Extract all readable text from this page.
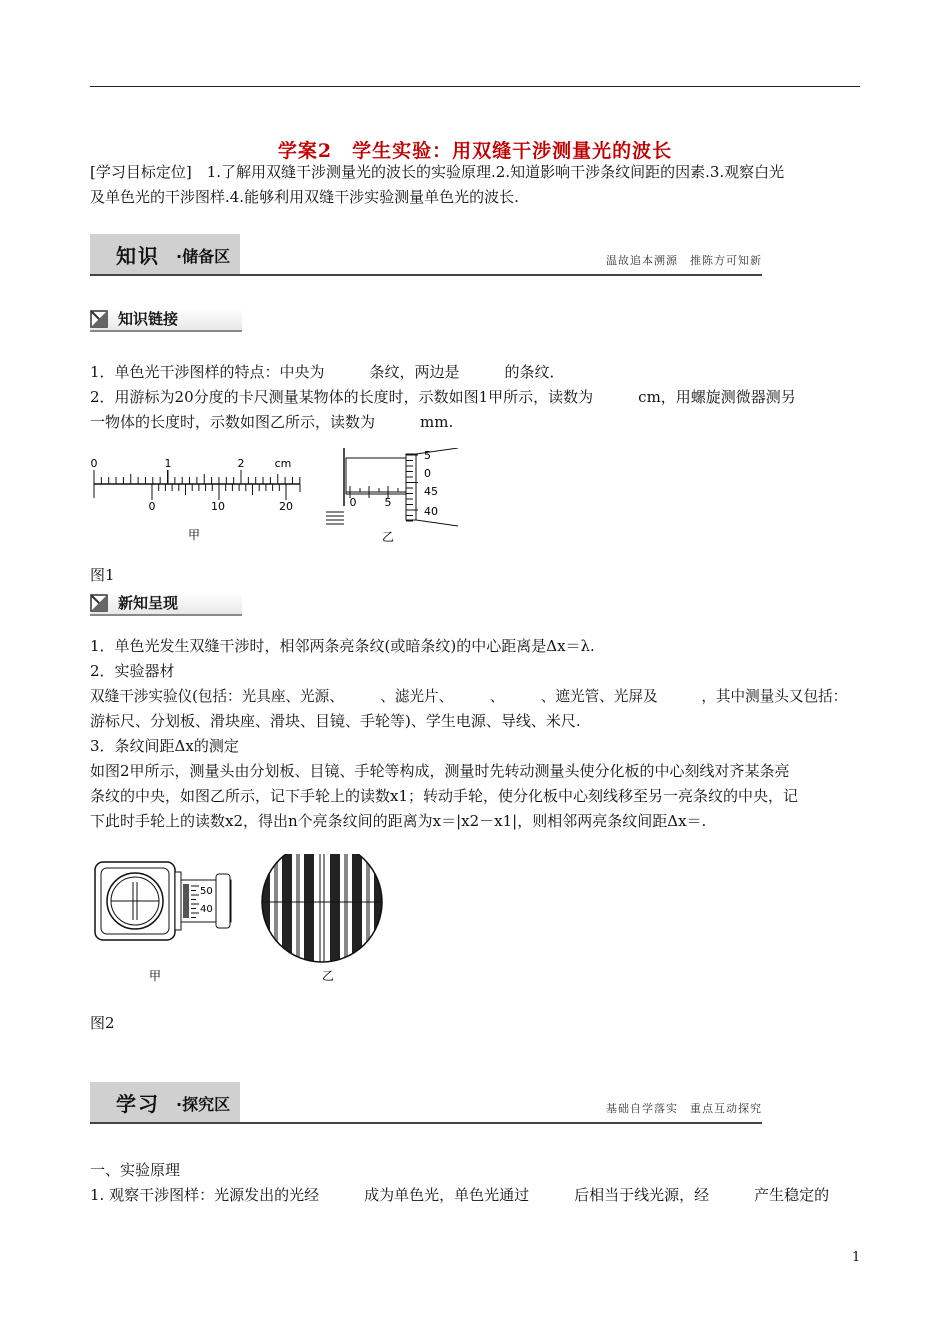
学案2　学生实验：用双缝干涉测量光的波长
[学习目标定位]　1.了解用双缝干涉测量光的波长的实验原理.2.知道影响干涉条纹间距的因素.3.观察白光
及单色光的干涉图样.4.能够利用双缝干涉实验测量单色光的波长.
知识 ·储备区	温故追本溯源　推陈方可知新
知识链接
1．单色光干涉图样的特点：中央为　　　条纹，两边是　　　的条纹．
2．用游标为20分度的卡尺测量某物体的长度时，示数如图1甲所示，读数为　　　cm，用螺旋测微器测另
一物体的长度时，示数如图乙所示，读数为　　　mm.
0	1	2	cm
0	10	20
甲
0	5
5
0
45
40
乙
图1
新知呈现
1．单色光发生双缝干涉时，相邻两条亮条纹(或暗条纹)的中心距离是Δx＝λ.
2．实验器材
双缝干涉实验仪(包括：光具座、光源、　　　、滤光片、　　　、　　　、遮光管、光屏及　　　，其中测量头又包括：
游标尺、分划板、滑块座、滑块、目镜、手轮等)、学生电源、导线、米尺.
3．条纹间距Δx的测定
如图2甲所示，测量头由分划板、目镜、手轮等构成，测量时先转动测量头使分化板的中心刻线对齐某条亮
条纹的中央，如图乙所示，记下手轮上的读数x1；转动手轮，使分化板中心刻线移至另一亮条纹的中央，记
下此时手轮上的读数x2，得出n个亮条纹间的距离为x＝|x2－x1|，则相邻两亮条纹间距Δx＝.
50
40
甲	乙
图2
学习 ·探究区	基础自学落实　重点互动探究
一、实验原理
1. 观察干涉图样：光源发出的光经　　　成为单色光，单色光通过　　　后相当于线光源，经　　　产生稳定的
1
